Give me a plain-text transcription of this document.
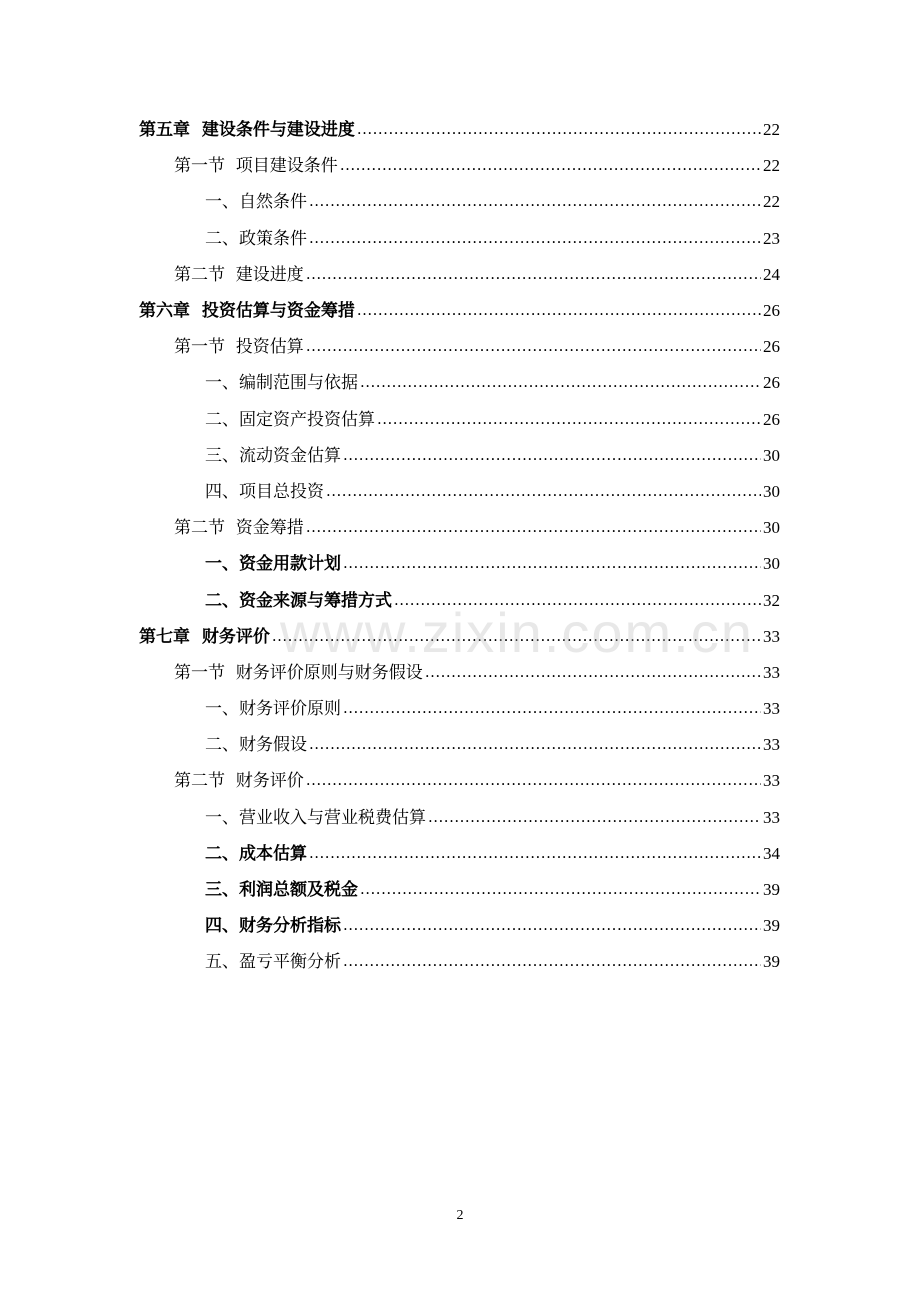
第五章  建设条件与建设进度 .....	22
第一节  项目建设条件 .....	22
一、自然条件 .....	22
二、政策条件 .....	23
第二节  建设进度 .....	24
第六章  投资估算与资金筹措 .....	26
第一节  投资估算 .....	26
一、编制范围与依据 .....	26
二、固定资产投资估算 .....	26
三、流动资金估算 .....	30
四、项目总投资 .....	30
第二节  资金筹措 .....	30
一、资金用款计划 .....	30
二、资金来源与筹措方式 .....	32
第七章  财务评价 .....	33
第一节  财务评价原则与财务假设 .....	33
一、财务评价原则 .....	33
二、财务假设 .....	33
第二节  财务评价 .....	33
一、营业收入与营业税费估算 .....	33
二、成本估算 .....	34
三、利润总额及税金 .....	39
四、财务分析指标 .....	39
五、盈亏平衡分析 .....	39
www.zixin.com.cn
2
